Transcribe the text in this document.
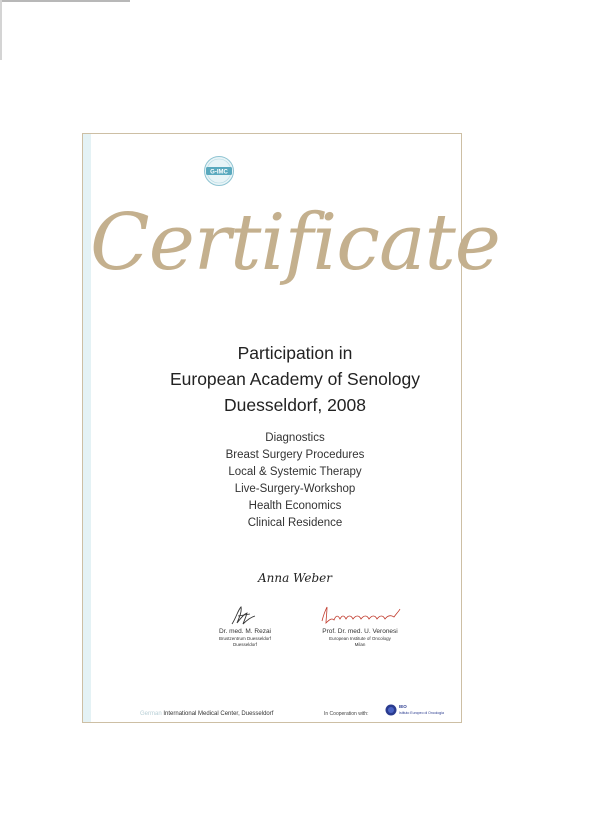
G-IMC
Certificate
Participation in
European Academy of Senology
Duesseldorf, 2008
Diagnostics
Breast Surgery Procedures
Local & Systemic Therapy
Live-Surgery-Workshop
Health Economics
Clinical Residence
Anna Weber
Dr. med. M. Rezai
Brustzentrum Duesseldorf
Duesseldorf
Prof. Dr. med. U. Veronesi
European Institute of Oncology
Milan
German International Medical Center, Duesseldorf	In Cooperation with:
IEO
Istituto Europeo di Oncologia
